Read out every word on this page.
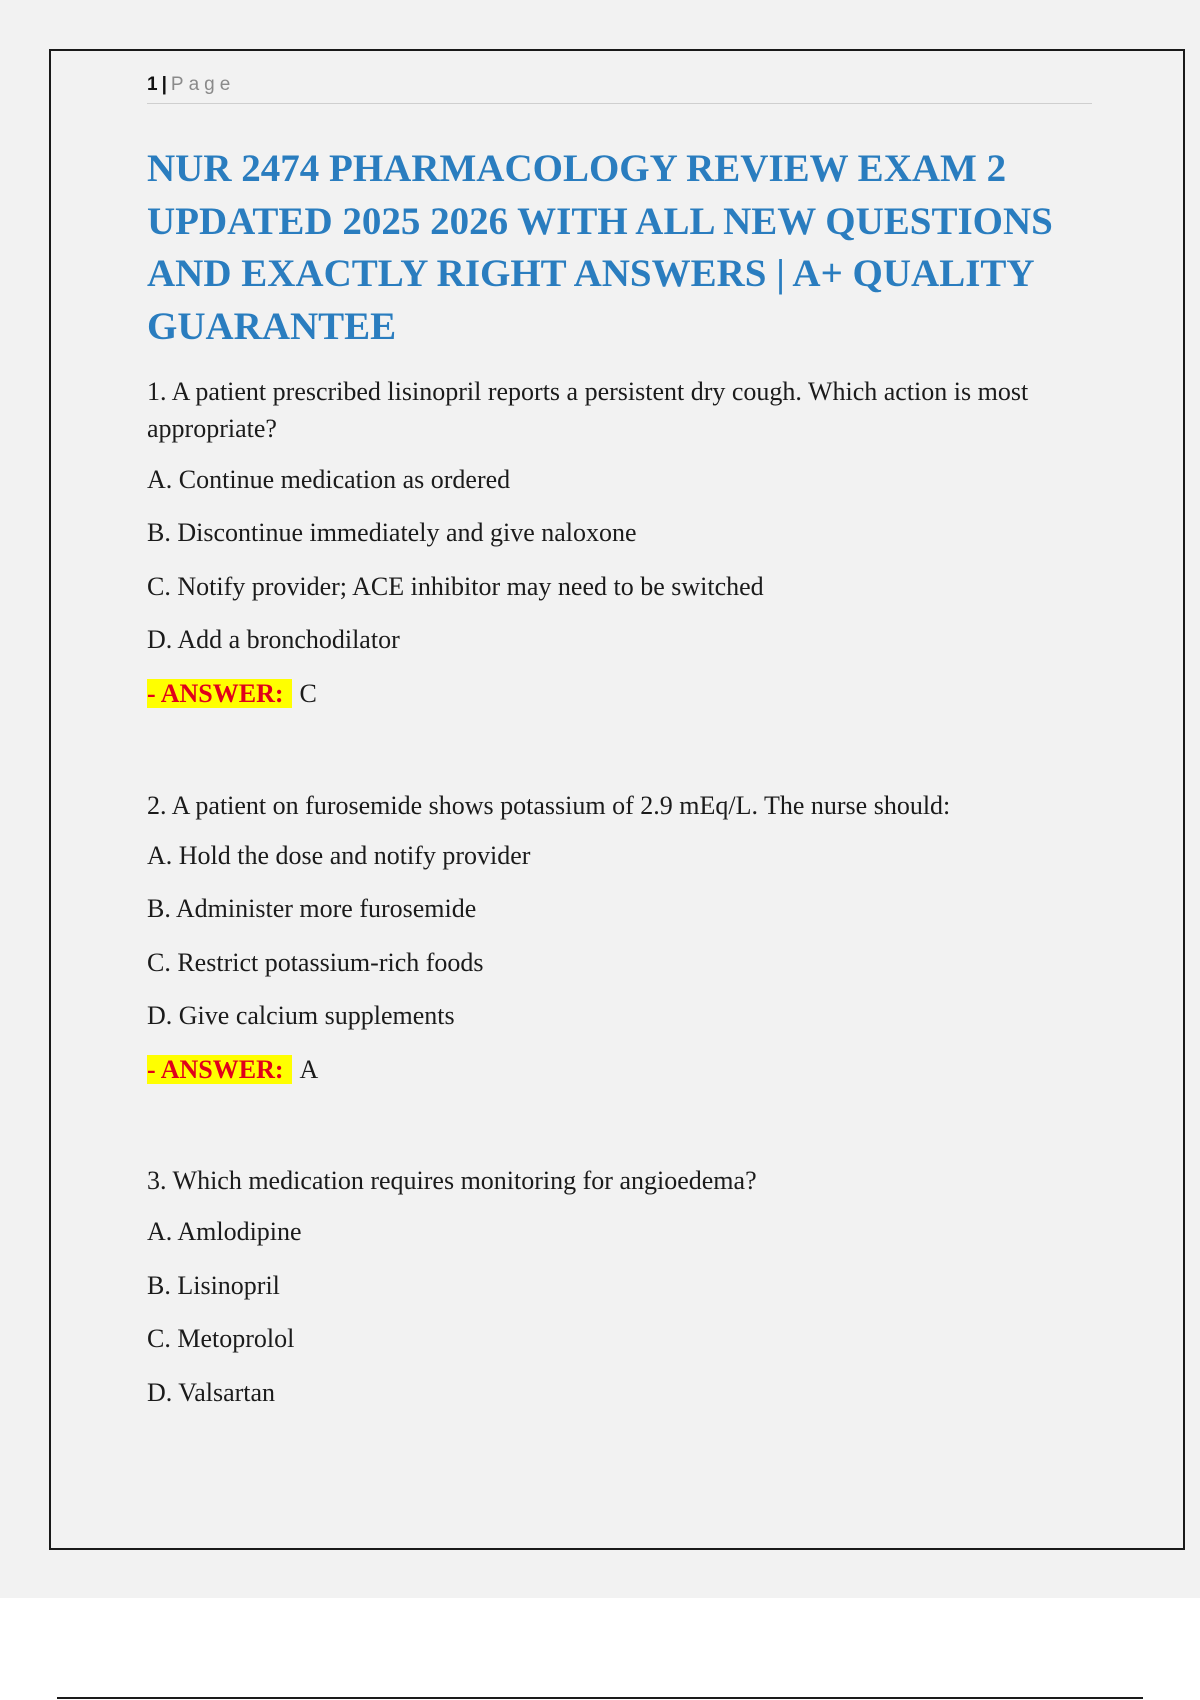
1 | Page
NUR 2474 PHARMACOLOGY REVIEW EXAM 2 UPDATED 2025 2026 WITH ALL NEW QUESTIONS AND EXACTLY RIGHT ANSWERS | A+ QUALITY GUARANTEE

1. A patient prescribed lisinopril reports a persistent dry cough. Which action is most appropriate?

A. Continue medication as ordered

B. Discontinue immediately and give naloxone

C. Notify provider; ACE inhibitor may need to be switched

D. Add a bronchodilator

- ANSWER: C

2. A patient on furosemide shows potassium of 2.9 mEq/L. The nurse should:

A. Hold the dose and notify provider

B. Administer more furosemide

C. Restrict potassium-rich foods

D. Give calcium supplements

- ANSWER: A

3. Which medication requires monitoring for angioedema?

A. Amlodipine

B. Lisinopril

C. Metoprolol

D. Valsartan
